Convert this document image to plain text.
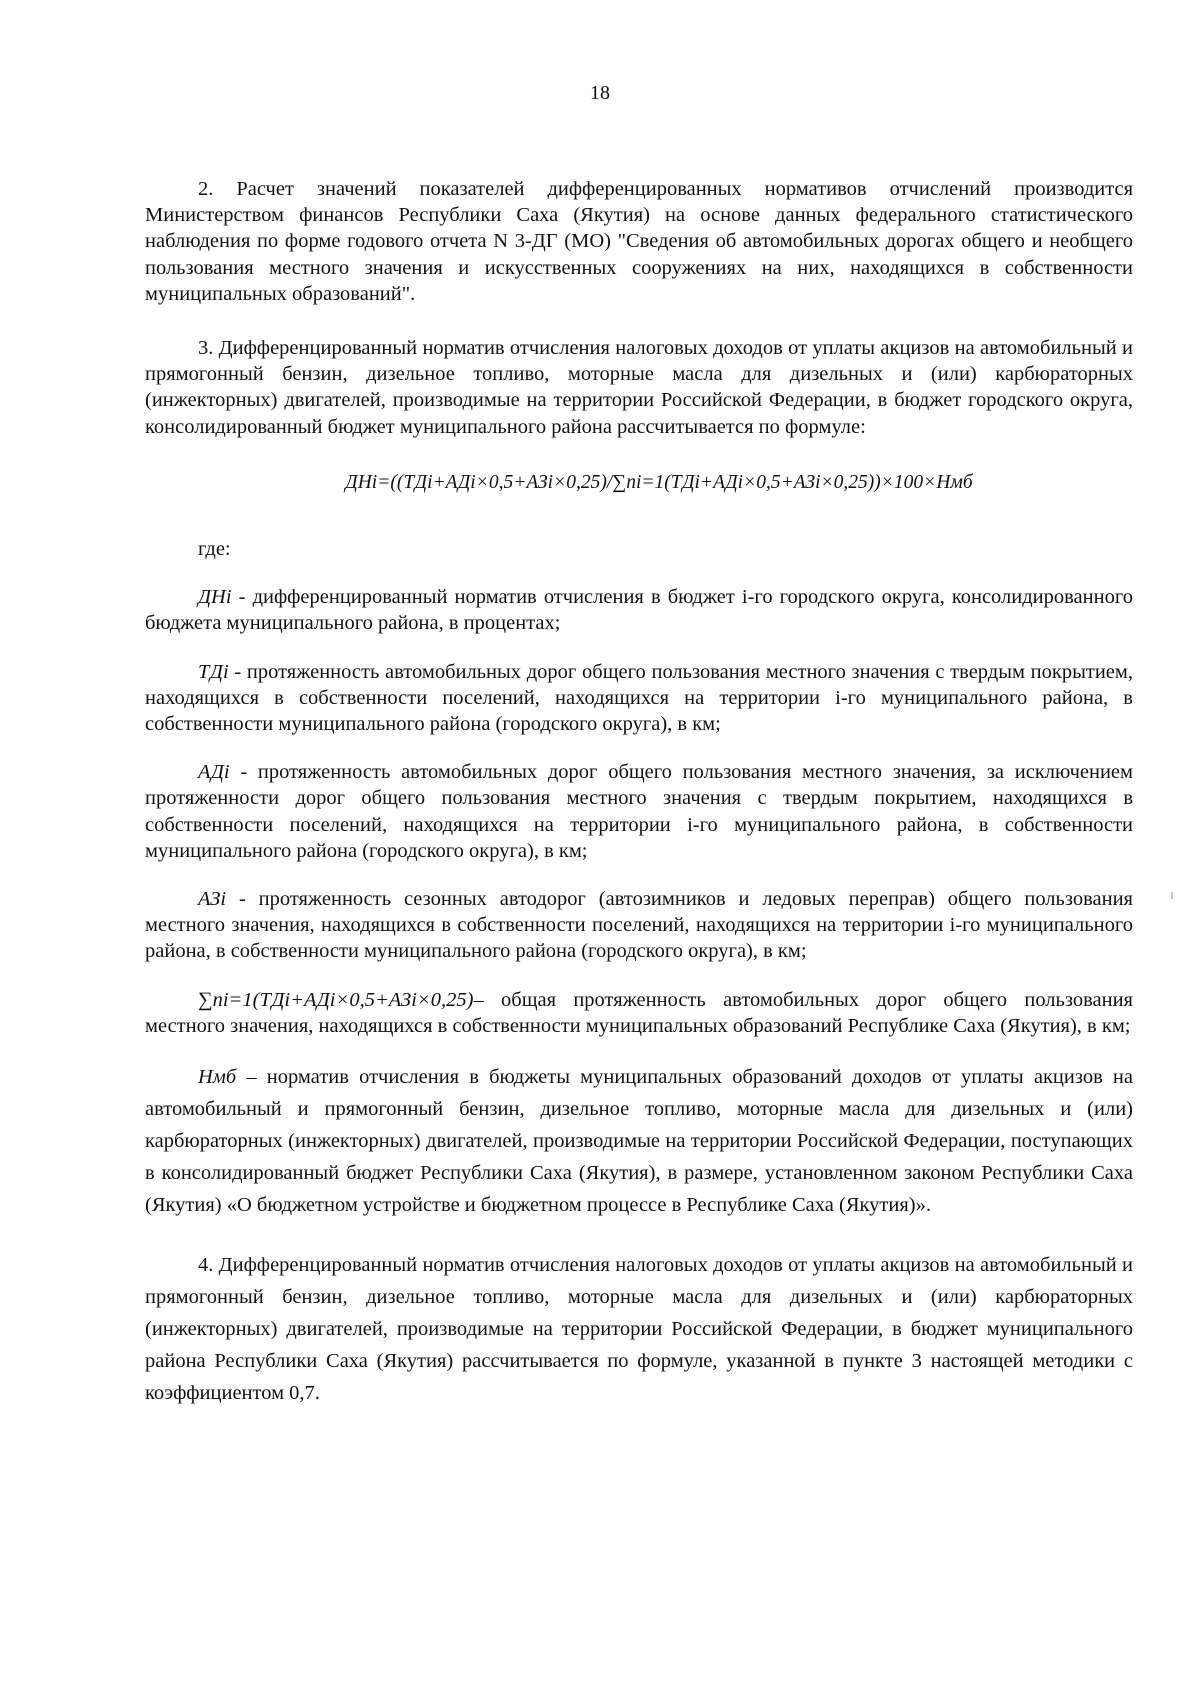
18

2. Расчет значений показателей дифференцированных нормативов отчислений производится Министерством финансов Республики Саха (Якутия) на основе данных федерального статистического наблюдения по форме годового отчета N 3-ДГ (МО) "Сведения об автомобильных дорогах общего и необщего пользования местного значения и искусственных сооружениях на них, находящихся в собственности муниципальных образований".

3. Дифференцированный норматив отчисления налоговых доходов от уплаты акцизов на автомобильный и прямогонный бензин, дизельное топливо, моторные масла для дизельных и (или) карбюраторных (инжекторных) двигателей, производимые на территории Российской Федерации, в бюджет городского округа, консолидированный бюджет муниципального района рассчитывается по формуле:

ДНi=((ТДi+АДi×0,5+АЗi×0,25)/∑ni=1(ТДi+АДi×0,5+АЗi×0,25))×100×Hмб

где:

ДНi - дифференцированный норматив отчисления в бюджет i-го городского округа, консолидированного бюджета муниципального района, в процентах;

ТДi - протяженность автомобильных дорог общего пользования местного значения с твердым покрытием, находящихся в собственности поселений, находящихся на территории i-го муниципального района, в собственности муниципального района (городского округа), в км;

АДi - протяженность автомобильных дорог общего пользования местного значения, за исключением протяженности дорог общего пользования местного значения с твердым покрытием, находящихся в собственности поселений, находящихся на территории i-го муниципального района, в собственности муниципального района (городского округа), в км;

АЗi - протяженность сезонных автодорог (автозимников и ледовых переправ) общего пользования местного значения, находящихся в собственности поселений, находящихся на территории i-го муниципального района, в собственности муниципального района (городского округа), в км;

∑ni=1(ТДi+АДi×0,5+АЗi×0,25)– общая протяженность автомобильных дорог общего пользования местного значения, находящихся в собственности муниципальных образований Республике Саха (Якутия), в км;

Hмб – норматив отчисления в бюджеты муниципальных образований доходов от уплаты акцизов на автомобильный и прямогонный бензин, дизельное топливо, моторные масла для дизельных и (или) карбюраторных (инжекторных) двигателей, производимые на территории Российской Федерации, поступающих в консолидированный бюджет Республики Саха (Якутия), в размере, установленном законом Республики Саха (Якутия) «О бюджетном устройстве и бюджетном процессе в Республике Саха (Якутия)».

4. Дифференцированный норматив отчисления налоговых доходов от уплаты акцизов на автомобильный и прямогонный бензин, дизельное топливо, моторные масла для дизельных и (или) карбюраторных (инжекторных) двигателей, производимые на территории Российской Федерации, в бюджет муниципального района Республики Саха (Якутия) рассчитывается по формуле, указанной в пункте 3 настоящей методики с коэффициентом 0,7.
